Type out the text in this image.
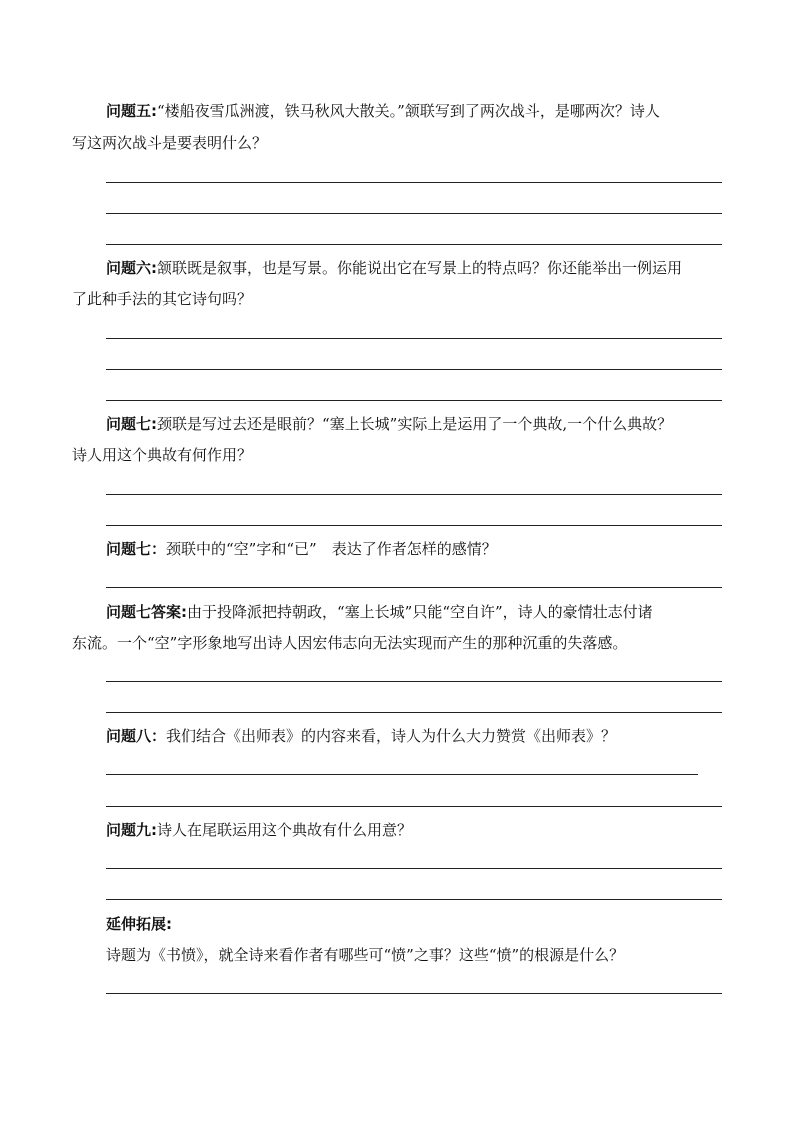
问题五:“楼船夜雪瓜洲渡，铁马秋风大散关。”颔联写到了两次战斗，是哪两次？诗人
写这两次战斗是要表明什么？
问题六:颔联既是叙事，也是写景。你能说出它在写景上的特点吗？你还能举出一例运用
了此种手法的其它诗句吗？
问题七:颈联是写过去还是眼前？“塞上长城”实际上是运用了一个典故,一个什么典故？
诗人用这个典故有何作用？
问题七：颈联中的“空”字和“已”　表达了作者怎样的感情？
问题七答案:由于投降派把持朝政，“塞上长城”只能“空自许”，诗人的豪情壮志付诸
东流。一个“空”字形象地写出诗人因宏伟志向无法实现而产生的那种沉重的失落感。
问题八：我们结合《出师表》的内容来看，诗人为什么大力赞赏《出师表》？
问题九:诗人在尾联运用这个典故有什么用意？
延伸拓展:
诗题为《书愤》，就全诗来看作者有哪些可“愤”之事？这些“愤”的根源是什么？
